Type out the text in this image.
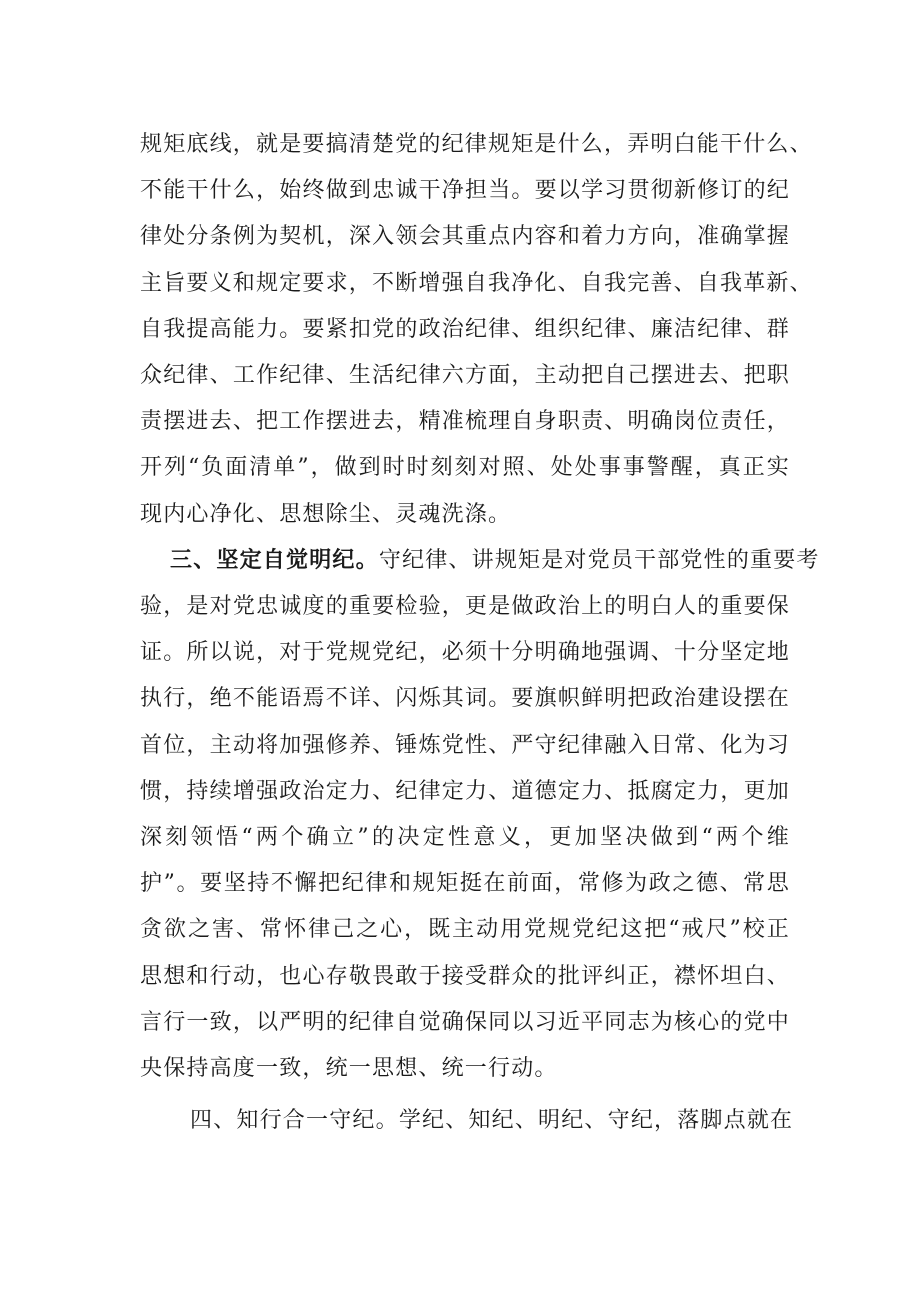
规矩底线，就是要搞清楚党的纪律规矩是什么，弄明白能干什么、
不能干什么，始终做到忠诚干净担当。要以学习贯彻新修订的纪
律处分条例为契机，深入领会其重点内容和着力方向，准确掌握
主旨要义和规定要求，不断增强自我净化、自我完善、自我革新、
自我提高能力。要紧扣党的政治纪律、组织纪律、廉洁纪律、群
众纪律、工作纪律、生活纪律六方面，主动把自己摆进去、把职
责摆进去、把工作摆进去，精准梳理自身职责、明确岗位责任，
开列“负面清单”，做到时时刻刻对照、处处事事警醒，真正实
现内心净化、思想除尘、灵魂洗涤。
三、坚定自觉明纪。守纪律、讲规矩是对党员干部党性的重要考
验，是对党忠诚度的重要检验，更是做政治上的明白人的重要保
证。所以说，对于党规党纪，必须十分明确地强调、十分坚定地
执行，绝不能语焉不详、闪烁其词。要旗帜鲜明把政治建设摆在
首位，主动将加强修养、锤炼党性、严守纪律融入日常、化为习
惯，持续增强政治定力、纪律定力、道德定力、抵腐定力，更加
深刻领悟“两个确立”的决定性意义，更加坚决做到“两个维
护”。要坚持不懈把纪律和规矩挺在前面，常修为政之德、常思
贪欲之害、常怀律己之心，既主动用党规党纪这把“戒尺”校正
思想和行动，也心存敬畏敢于接受群众的批评纠正，襟怀坦白、
言行一致，以严明的纪律自觉确保同以习近平同志为核心的党中
央保持高度一致，统一思想、统一行动。
四、知行合一守纪。学纪、知纪、明纪、守纪，落脚点就在
